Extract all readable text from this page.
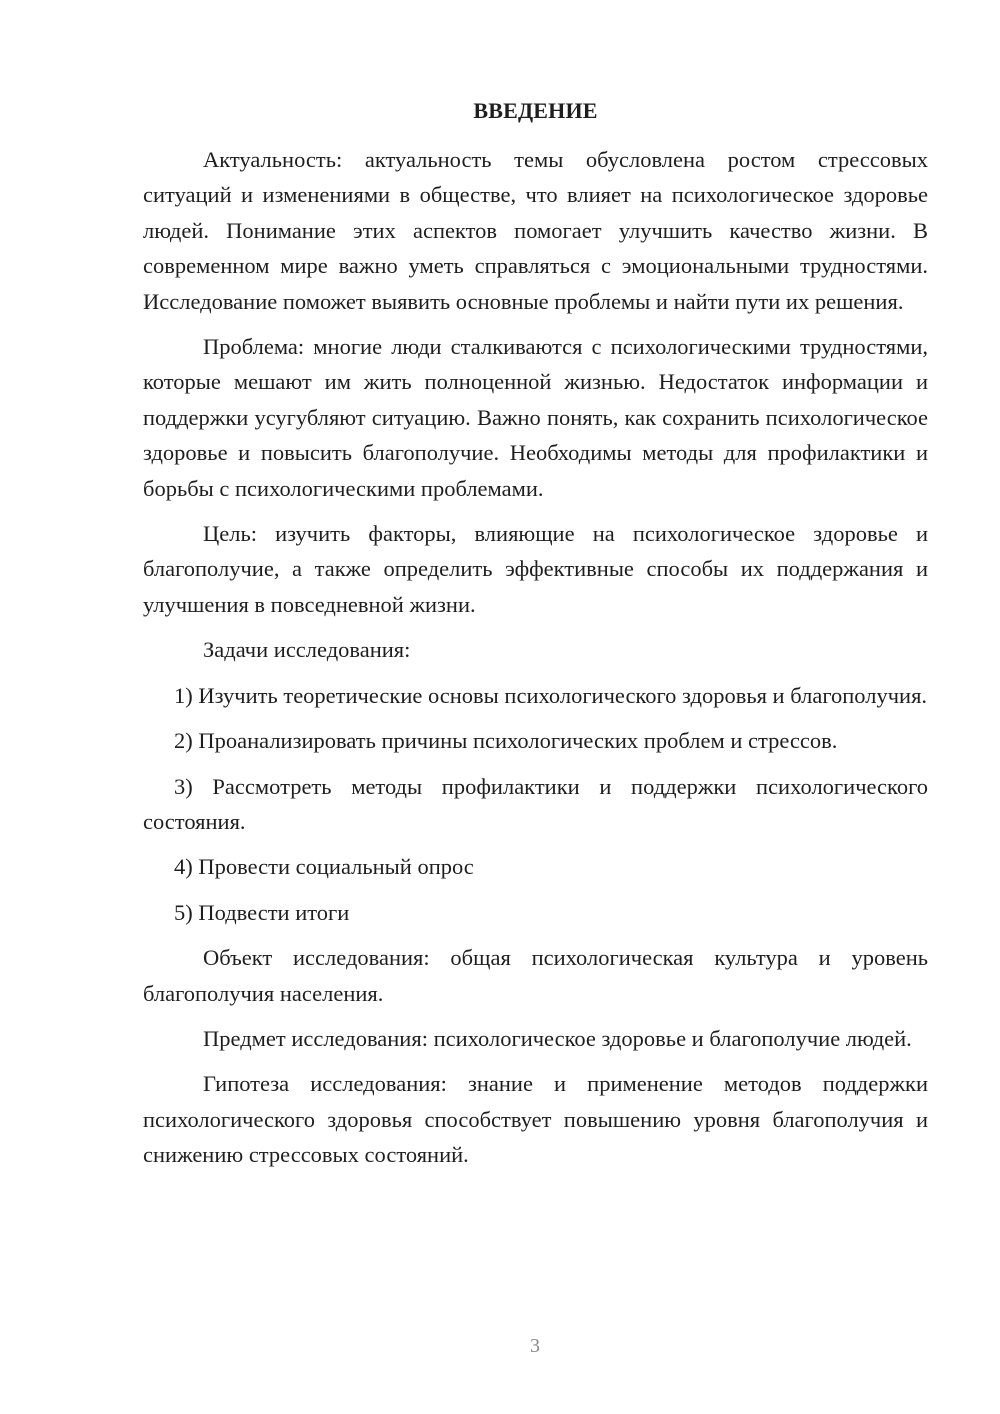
ВВЕДЕНИЕ

Актуальность: актуальность темы обусловлена ростом стрессовых ситуаций и изменениями в обществе, что влияет на психологическое здоровье людей. Понимание этих аспектов помогает улучшить качество жизни. В современном мире важно уметь справляться с эмоциональными трудностями. Исследование поможет выявить основные проблемы и найти пути их решения.

Проблема: многие люди сталкиваются с психологическими трудностями, которые мешают им жить полноценной жизнью. Недостаток информации и поддержки усугубляют ситуацию. Важно понять, как сохранить психологическое здоровье и повысить благополучие. Необходимы методы для профилактики и борьбы с психологическими проблемами.

Цель: изучить факторы, влияющие на психологическое здоровье и благополучие, а также определить эффективные способы их поддержания и улучшения в повседневной жизни.

Задачи исследования:

1) Изучить теоретические основы психологического здоровья и благополучия.

2) Проанализировать причины психологических проблем и стрессов.

3) Рассмотреть методы профилактики и поддержки психологического состояния.

4) Провести социальный опрос

5) Подвести итоги

Объект исследования: общая психологическая культура и уровень благополучия населения.

Предмет исследования: психологическое здоровье и благополучие людей.

Гипотеза исследования: знание и применение методов поддержки психологического здоровья способствует повышению уровня благополучия и снижению стрессовых состояний.

3
